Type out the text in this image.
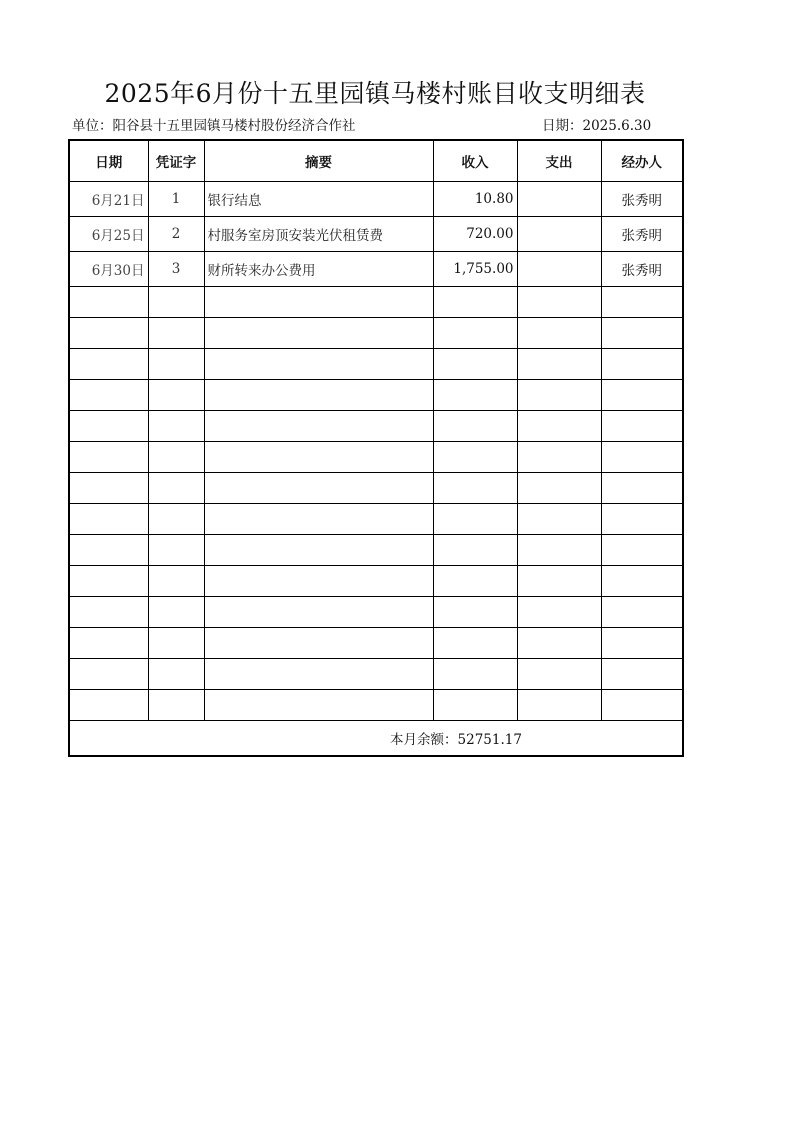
2025年6月份十五里园镇马楼村账目收支明细表
单位：阳谷县十五里园镇马楼村股份经济合作社	日期：2025.6.30
日期	凭证字	摘要	收入	支出	经办人
6月21日	1	银行结息	10.80		张秀明
6月25日	2	村服务室房顶安装光伏租赁费	720.00		张秀明
6月30日	3	财所转来办公费用	1,755.00		张秀明

本月余额：52751.17					
